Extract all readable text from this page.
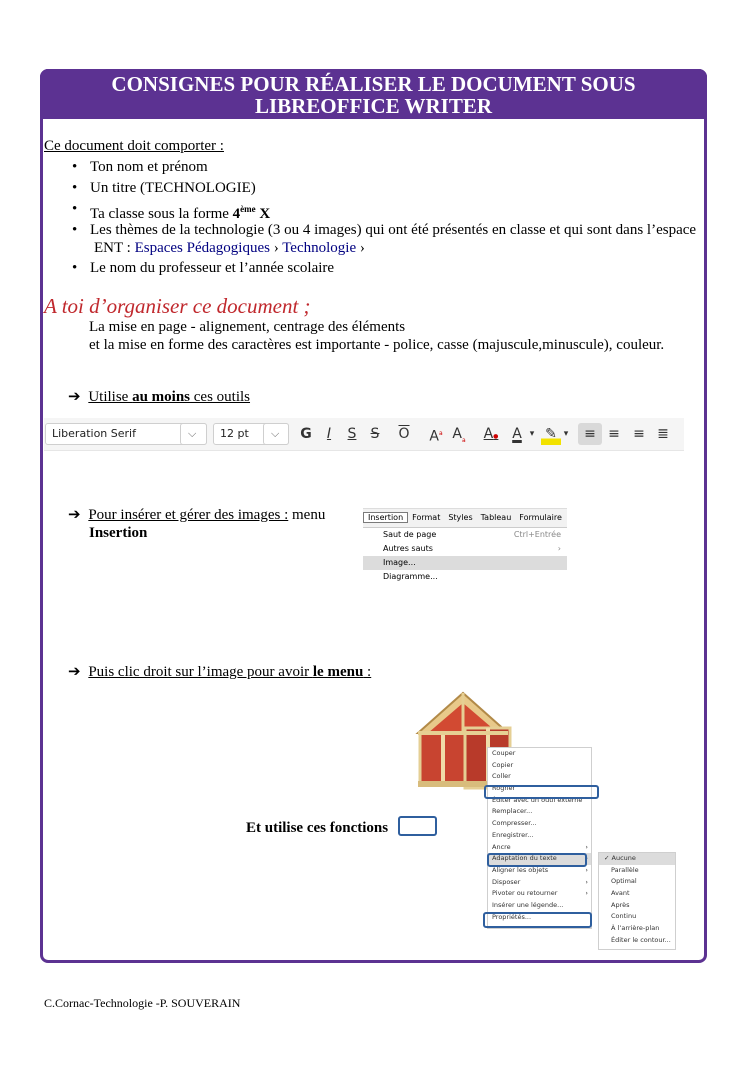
CONSIGNES POUR RÉALISER LE DOCUMENT SOUS LIBREOFFICE WRITER
Ce document doit comporter :
• Ton nom et prénom
• Un titre (TECHNOLOGIE)
• Ta classe sous la forme 4ème X
• Les thèmes de la technologie (3 ou 4 images) qui ont été présentés en classe et qui sont dans l’espace
ENT : Espaces Pédagogiques › Technologie ›
• Le nom du professeur et l’année scolaire
A toi d’organiser ce document ;
La mise en page - alignement, centrage des éléments
et la mise en forme des caractères est importante - police, casse (majuscule,minuscule), couleur.
➔ Utilise au moins ces outils
Liberation Serif	⌵	12 pt	⌵	G	I	S	S	$\overline{O}$	$A^a$ $A_a$ A● A ▾ ✎ ▾	≡ ≡ ≡ ≣
➔ Pour insérer et gérer des images : menu
Insertion
Insertion Format Styles Tableau Formulaire
Saut de page	Ctrl+Entrée
Autres sauts	›
Image...
Diagramme...
➔ Puis clic droit sur l’image pour avoir le menu :
Couper
Copier
Coller
Rogner
Éditer avec un outil externe
Remplacer...
Compresser...
Enregistrer...
Ancre	›
Adaptation du texte	›
Aligner les objets	›
Disposer	›
Pivoter ou retourner	›
Insérer une légende...
Propriétés...
✓ Aucune
Parallèle
Optimal
Avant
Après
Continu
À l’arrière-plan
Éditer le contour...
Et utilise ces fonctions
C.Cornac-Technologie -P. SOUVERAIN
